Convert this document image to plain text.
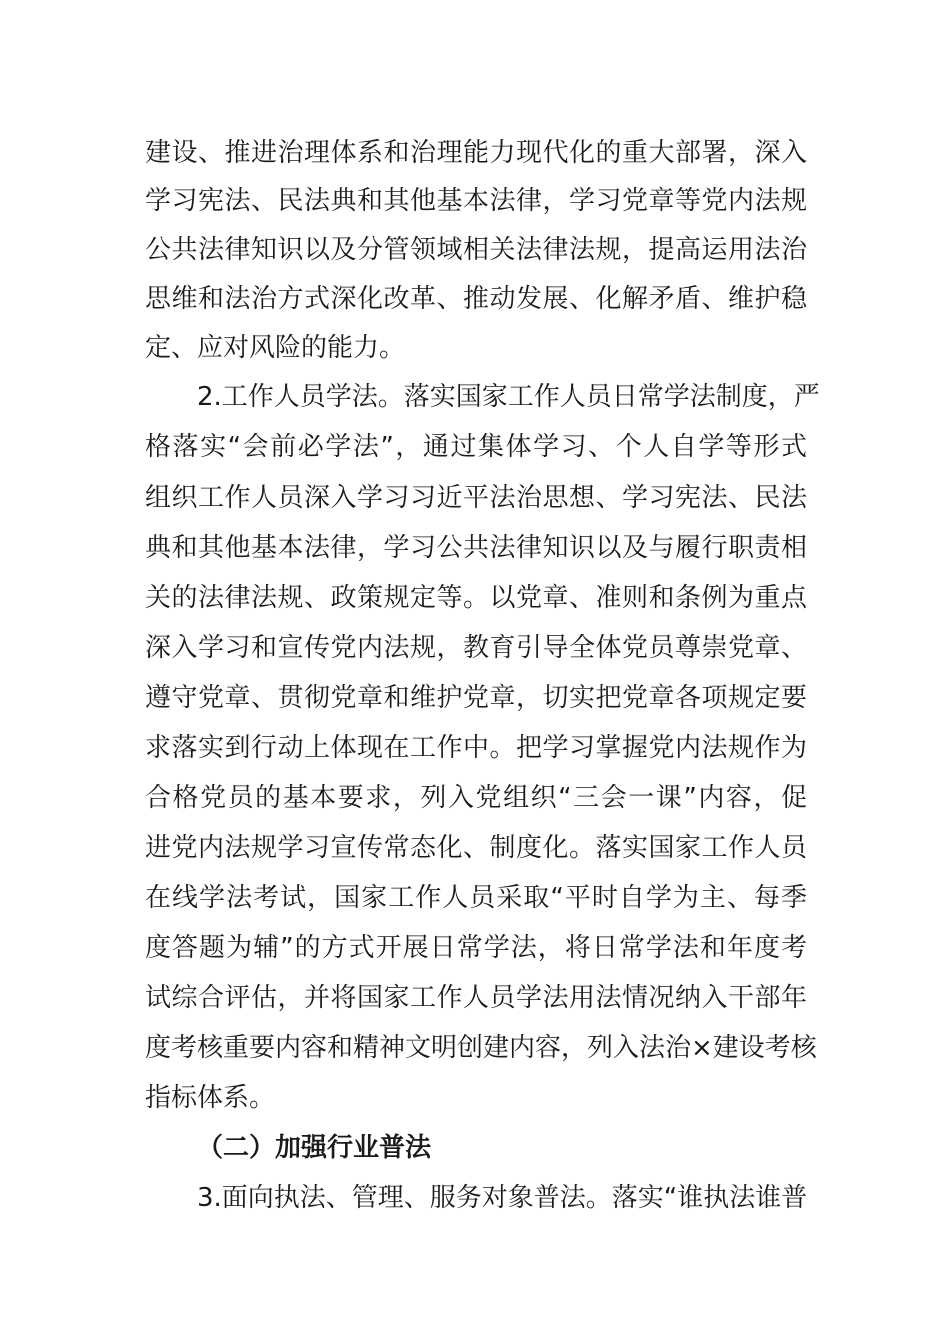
建设、推进治理体系和治理能力现代化的重大部署，深入
学习宪法、民法典和其他基本法律，学习党章等党内法规
公共法律知识以及分管领域相关法律法规，提高运用法治
思维和法治方式深化改革、推动发展、化解矛盾、维护稳
定、应对风险的能力。
2.工作人员学法。落实国家工作人员日常学法制度，严
格落实“会前必学法”，通过集体学习、个人自学等形式
组织工作人员深入学习习近平法治思想、学习宪法、民法
典和其他基本法律，学习公共法律知识以及与履行职责相
关的法律法规、政策规定等。以党章、准则和条例为重点
深入学习和宣传党内法规，教育引导全体党员尊崇党章、
遵守党章、贯彻党章和维护党章，切实把党章各项规定要
求落实到行动上体现在工作中。把学习掌握党内法规作为
合格党员的基本要求，列入党组织“三会一课”内容，促
进党内法规学习宣传常态化、制度化。落实国家工作人员
在线学法考试，国家工作人员采取“平时自学为主、每季
度答题为辅”的方式开展日常学法，将日常学法和年度考
试综合评估，并将国家工作人员学法用法情况纳入干部年
度考核重要内容和精神文明创建内容，列入法治×建设考核
指标体系。
（二）加强行业普法
3.面向执法、管理、服务对象普法。落实“谁执法谁普
